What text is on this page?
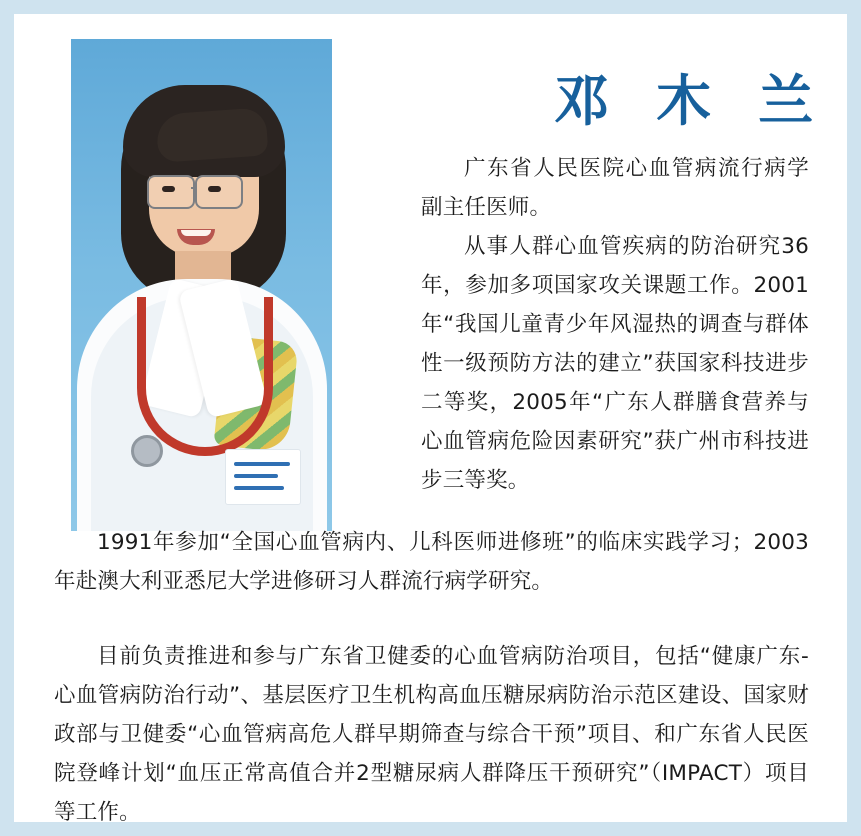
邓 木 兰

广东省人民医院心血管病流行病学副主任医师。

从事人群心血管疾病的防治研究36年，参加多项国家攻关课题工作。2001年“我国儿童青少年风湿热的调查与群体性一级预防方法的建立”获国家科技进步二等奖，2005年“广东人群膳食营养与心血管病危险因素研究”获广州市科技进步三等奖。

1991年参加“全国心血管病内、儿科医师进修班”的临床实践学习；2003年赴澳大利亚悉尼大学进修研习人群流行病学研究。

目前负责推进和参与广东省卫健委的心血管病防治项目，包括“健康广东-心血管病防治行动”、基层医疗卫生机构高血压糖尿病防治示范区建设、国家财政部与卫健委“心血管病高危人群早期筛查与综合干预”项目、和广东省人民医院登峰计划“血压正常高值合并2型糖尿病人群降压干预研究”（IMPACT）项目等工作。
